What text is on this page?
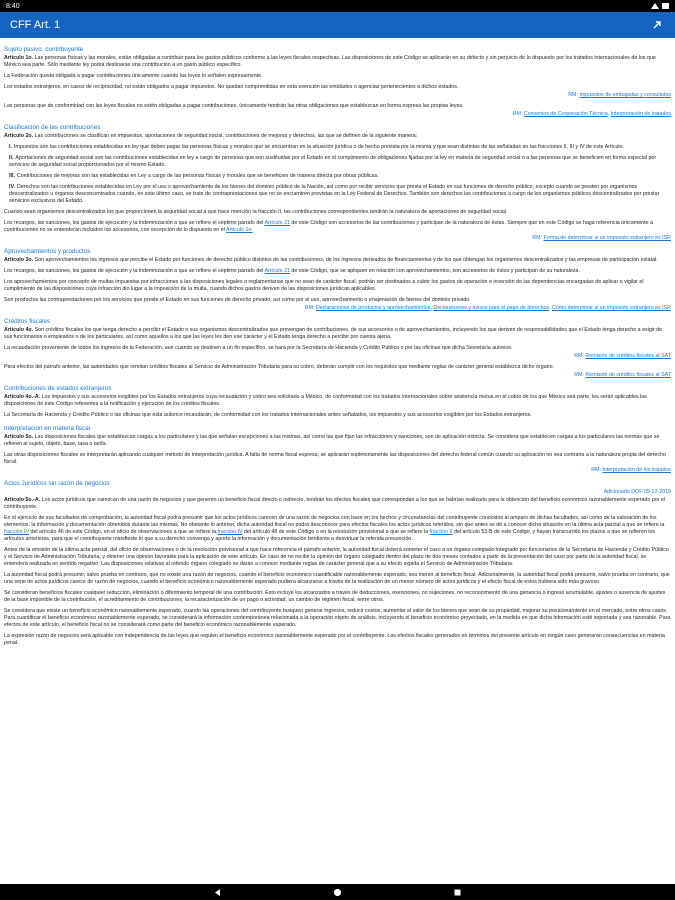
8:40
CFF Art. 1
Sujeto pasivo. contribuyente

Artículo 1o. Las personas físicas y las morales, están obligadas a contribuir para los gastos públicos conforme a las leyes fiscales respectivas. Las disposiciones de este Código se aplicarán en su defecto y sin perjuicio de lo dispuesto por los tratados internacionales de los que México sea parte. Sólo mediante ley podrá destinarse una contribución a un gasto público específico.

La Federación queda obligada a pagar contribuciones únicamente cuando las leyes lo señalen expresamente.

Los estados extranjeros, en casos de reciprocidad, no están obligados a pagar impuestos. No quedan comprendidas en esta exención las entidades o agencias pertenecientes a dichos estados.

RM: Impuestos de embajadas y consulados

Las personas que de conformidad con las leyes fiscales no estén obligadas a pagar contribuciones, únicamente tendrán las otras obligaciones que establezcan en forma expresa las propias leyes.

RM: Convenios de Cooperación Técnica, Interpretación de tratados
Clasificación de las contribuciones

Artículo 2o. Las contribuciones se clasifican en impuestos, aportaciones de seguridad social, contribuciones de mejoras y derechos, las que se definen de la siguiente manera:

I. Impuestos son las contribuciones establecidas en ley que deben pagar las personas físicas y morales que se encuentran en la situación jurídica o de hecho prevista por la misma y que sean distintas de las señaladas en las fracciones II, III y IV de este Artículo.
II. Aportaciones de seguridad social son las contribuciones establecidas en ley a cargo de personas que son sustituidas por el Estado en el cumplimiento de obligaciones fijadas por la ley en materia de seguridad social o a las personas que se beneficien en forma especial por servicios de seguridad social proporcionados por el mismo Estado.
III. Contribuciones de mejoras son las establecidas en Ley a cargo de las personas físicas y morales que se beneficien de manera directa por obras públicas.
IV. Derechos son las contribuciones establecidas en Ley por el uso o aprovechamiento de los bienes del dominio público de la Nación, así como por recibir servicios que presta el Estado en sus funciones de derecho público, excepto cuando se presten por organismos descentralizados u órganos desconcentrados cuando, en este último caso, se trate de contraprestaciones que no se encuentren previstas en la Ley Federal de Derechos. También son derechos las contribuciones a cargo de los organismos públicos descentralizados por prestar servicios exclusivos del Estado.

Cuando sean organismos descentralizados los que proporcionen la seguridad social a que hace mención la fracción II, las contribuciones correspondientes tendrán la naturaleza de aportaciones de seguridad social.

Los recargos, las sanciones, los gastos de ejecución y la indemnización a que se refiere el séptimo párrafo del Artículo 21 de este Código son accesorios de las contribuciones y participan de la naturaleza de éstas. Siempre que en este Código se haga referencia únicamente a contribuciones no se entenderán incluidos los accesorios, con excepción de lo dispuesto en el Artículo 1o.

RM: Forma de determinar si un impuesto extranjero es ISR
Aprovechamientos y productos

Artículo 3o. Son aprovechamientos los ingresos que percibe el Estado por funciones de derecho público distintos de las contribuciones, de los ingresos derivados de financiamientos y de los que obtengan los organismos descentralizados y las empresas de participación estatal.

Los recargos, las sanciones, los gastos de ejecución y la indemnización a que se refiere el séptimo párrafo del Artículo 21 de este Código, que se apliquen en relación con aprovechamientos, son accesorios de éstos y participan de su naturaleza.

Los aprovechamientos por concepto de multas impuestas por infracciones a las disposiciones legales o reglamentarias que no sean de carácter fiscal, podrán ser destinados a cubrir los gastos de operación e inversión de las dependencias encargadas de aplicar o vigilar el cumplimiento de las disposiciones cuya infracción dio lugar a la imposición de la multa, cuando dichos gastos deriven de las disposiciones jurídicas aplicables.

Son productos las contraprestaciones por los servicios que preste el Estado en sus funciones de derecho privado, así como por el uso, aprovechamiento o enajenación de bienes del dominio privado.

RM: Declaraciones de productos y aprovechamientos, Declaraciones y avisos para el pago de derechos, Cómo determinar si un impuesto extranjero es ISR
Créditos fiscales

Artículo 4o. Son créditos fiscales los que tenga derecho a percibir el Estado o sus organismos descentralizados que provengan de contribuciones, de sus accesorios o de aprovechamientos, incluyendo los que deriven de responsabilidades que el Estado tenga derecho a exigir de sus funcionarios o empleados o de los particulares, así como aquellos a los que las leyes les den ese carácter y el Estado tenga derecho a percibir por cuenta ajena.

La recaudación proveniente de todos los ingresos de la Federación, aun cuando se destinen a un fin específico, se hará por la Secretaría de Hacienda y Crédito Público o por las oficinas que dicha Secretaría autorice.

RM: Remisión de créditos fiscales al SAT

Para efectos del párrafo anterior, las autoridades que remitan créditos fiscales al Servicio de Administración Tributaria para su cobro, deberán cumplir con los requisitos que mediante reglas de carácter general establezca dicho órgano.

RM: Remisión de créditos fiscales al SAT
Contribuciones de estados extranjeros

Artículo 4o.-A. Los impuestos y sus accesorios exigibles por los Estados extranjeros cuya recaudación y cobro sea solicitado a México, de conformidad con los tratados internacionales sobre asistencia mutua en el cobro de los que México sea parte, les serán aplicables las disposiciones de este Código referentes a la notificación y ejecución de los créditos fiscales.

La Secretaría de Hacienda y Crédito Público o las oficinas que ésta autorice recaudarán, de conformidad con los tratados internacionales antes señalados, los impuestos y sus accesorios exigibles por los Estados extranjeros.

Interpretación en materia fiscal

Artículo 5o. Las disposiciones fiscales que establezcan cargas a los particulares y las que señalan excepciones a las mismas, así como las que fijan las infracciones y sanciones, son de aplicación estricta. Se considera que establecen cargas a los particulares las normas que se refieren al sujeto, objeto, base, tasa o tarifa.

Las otras disposiciones fiscales se interpretarán aplicando cualquier método de interpretación jurídica. A falta de norma fiscal expresa, se aplicarán supletoriamente las disposiciones del derecho federal común cuando su aplicación no sea contraria a la naturaleza propia del derecho fiscal.

RM: Interpretación de los tratados
Actos Jurídicos sin razón de negocios
Adicionado DOF 09-12-2019

Artículo 5o.-A. Los actos jurídicos que carezcan de una razón de negocios y que generen un beneficio fiscal directo o indirecto, tendrán los efectos fiscales que correspondan a los que se habrían realizado para la obtención del beneficio económico razonablemente esperado por el contribuyente.

En el ejercicio de sus facultades de comprobación, la autoridad fiscal podrá presumir que los actos jurídicos carecen de una razón de negocios con base en los hechos y circunstancias del contribuyente conocidos al amparo de dichas facultades, así como de la valoración de los elementos, la información y documentación obtenidos durante las mismas. No obstante lo anterior, dicha autoridad fiscal no podrá desconocer para efectos fiscales los actos jurídicos referidos, sin que antes se dé a conocer dicha situación en la última acta parcial a que se refiere la fracción IV del artículo 46 de este Código, en el oficio de observaciones a que se refiere la fracción IV del artículo 48 de este Código o en la resolución provisional a que se refiere la fracción II del artículo 53-B de este Código, y hayan transcurrido los plazos a que se refieren los artículos anteriores, para que el contribuyente manifieste lo que a su derecho convenga y aporte la información y documentación tendiente a desvirtuar la referida presunción.

Antes de la emisión de la última acta parcial, del oficio de observaciones o de la resolución provisional a que hace referencia el párrafo anterior, la autoridad fiscal deberá someter el caso a un órgano colegiado integrado por funcionarios de la Secretaría de Hacienda y Crédito Público y el Servicio de Administración Tributaria, y obtener una opinión favorable para la aplicación de este artículo. En caso de no recibir la opinión del órgano colegiado dentro del plazo de dos meses contados a partir de la presentación del caso por parte de la autoridad fiscal, se entenderá realizada en sentido negativo. Las disposiciones relativas al referido órgano colegiado se darán a conocer mediante reglas de carácter general que a su efecto expida el Servicio de Administración Tributaria.

La autoridad fiscal podrá presumir, salvo prueba en contrario, que no existe una razón de negocios, cuando el beneficio económico cuantificable razonablemente esperado, sea menor al beneficio fiscal. Adicionalmente, la autoridad fiscal podrá presumir, salvo prueba en contrario, que una serie de actos jurídicos carece de razón de negocios, cuando el beneficio económico razonablemente esperado pudiera alcanzarse a través de la realización de un menor número de actos jurídicos y el efecto fiscal de estos hubiera sido más gravoso.

Se consideran beneficios fiscales cualquier reducción, eliminación o diferimiento temporal de una contribución. Esto incluye los alcanzados a través de deducciones, exenciones, no sujeciones, no reconocimiento de una ganancia o ingreso acumulable, ajustes o ausencia de ajustes de la base imponible de la contribución, el acreditamiento de contribuciones, la recaracterización de un pago o actividad, un cambio de régimen fiscal, entre otros.

Se considera que existe un beneficio económico razonablemente esperado, cuando las operaciones del contribuyente busquen generar ingresos, reducir costos, aumentar el valor de los bienes que sean de su propiedad, mejorar su posicionamiento en el mercado, entre otros casos. Para cuantificar el beneficio económico razonablemente esperado, se considerará la información contemporánea relacionada a la operación objeto de análisis, incluyendo el beneficio económico proyectado, en la medida en que dicha información esté soportada y sea razonable. Para efectos de este artículo, el beneficio fiscal no se considerará como parte del beneficio económico razonablemente esperado.

La expresión razón de negocios será aplicable con independencia de las leyes que regulen el beneficio económico razonablemente esperado por el contribuyente. Los efectos fiscales generados en términos del presente artículo en ningún caso generarán consecuencias en materia penal.
